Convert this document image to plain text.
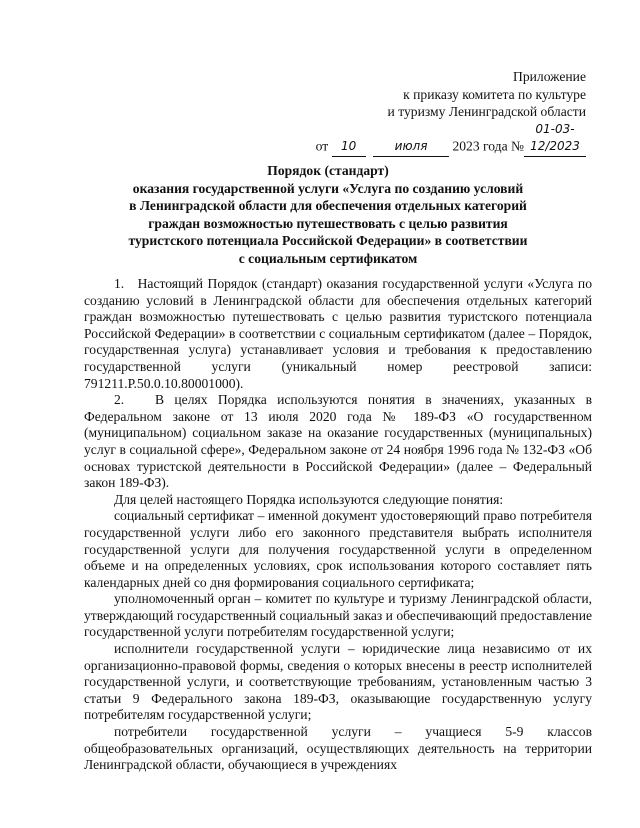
Приложение
к приказу комитета по культуре
и туризму Ленинградской области
от 10	июля 2023 года №01-03-12/2023
Порядок (стандарт)
оказания государственной услуги «Услуга по созданию условий
в Ленинградской области для обеспечения отдельных категорий
граждан возможностью путешествовать с целью развития
туристского потенциала Российской Федерации» в соответствии
с социальным сертификатом

1.   Настоящий Порядок (стандарт) оказания государственной услуги «Услуга по созданию условий в Ленинградской области для обеспечения отдельных категорий граждан возможностью путешествовать с целью развития туристского потенциала Российской Федерации» в соответствии с социальным сертификатом (далее – Порядок, государственная услуга) устанавливает условия и требования к предоставлению государственной услуги (уникальный номер реестровой записи: 791211.Р.50.0.10.80001000).

2.   В целях Порядка используются понятия в значениях, указанных в Федеральном законе от 13 июля 2020 года № 189-ФЗ «О государственном (муниципальном) социальном заказе на оказание государственных (муниципальных) услуг в социальной сфере», Федеральном законе от 24 ноября 1996 года № 132-ФЗ «Об основах туристской деятельности в Российской Федерации» (далее – Федеральный закон 189-ФЗ).

Для целей настоящего Порядка используются следующие понятия:

социальный сертификат – именной документ удостоверяющий право потребителя государственной услуги либо его законного представителя выбрать исполнителя государственной услуги для получения государственной услуги в определенном объеме и на определенных условиях, срок использования которого составляет пять календарных дней со дня формирования социального сертификата;

уполномоченный орган – комитет по культуре и туризму Ленинградской области, утверждающий государственный социальный заказ и обеспечивающий предоставление государственной услуги потребителям государственной услуги;

исполнители государственной услуги – юридические лица независимо от их организационно-правовой формы, сведения о которых внесены в реестр исполнителей государственной услуги, и соответствующие требованиям, установленным частью 3 статьи 9 Федерального закона 189-ФЗ, оказывающие государственную услугу потребителям государственной услуги;

потребители государственной услуги – учащиеся 5-9 классов общеобразовательных организаций, осуществляющих деятельность на территории Ленинградской области, обучающиеся в учреждениях
